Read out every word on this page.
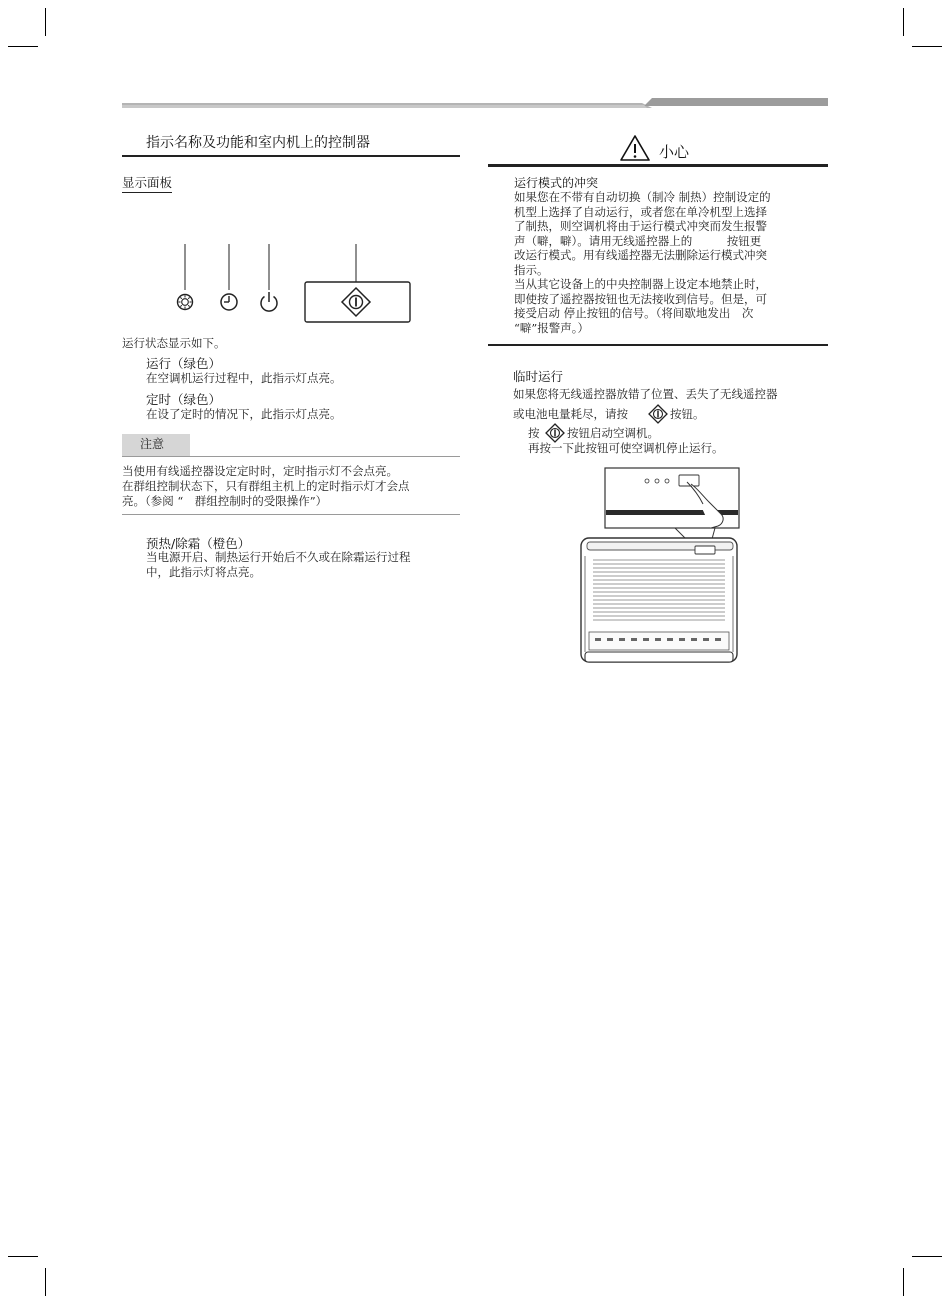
指示名称及功能和室内机上的控制器
显示面板
运行状态显示如下。
运行（绿色）
在空调机运行过程中，此指示灯点亮。
定时（绿色）
在设了定时的情况下，此指示灯点亮。
注意
当使用有线遥控器设定定时时，定时指示灯不会点亮。
在群组控制状态下，只有群组主机上的定时指示灯才会点
亮。（参阅 “　群组控制时的受限操作”）
预热/除霜（橙色）
当电源开启、制热运行开始后不久或在除霜运行过程
中，此指示灯将点亮。
小心
运行模式的冲突
如果您在不带有自动切换（制冷 制热）控制设定的
机型上选择了自动运行，或者您在单冷机型上选择
了制热，则空调机将由于运行模式冲突而发生报警
声（噼，噼）。请用无线遥控器上的　　　按钮更
改运行模式。用有线遥控器无法删除运行模式冲突
指示。
当从其它设备上的中央控制器上设定本地禁止时，
即使按了遥控器按钮也无法接收到信号。但是，可
接受启动 停止按钮的信号。（将间歇地发出　次
“噼”报警声。）
临时运行
如果您将无线遥控器放错了位置、丢失了无线遥控器
或电池电量耗尽，请按	按钮。
按 按钮启动空调机。
再按一下此按钮可使空调机停止运行。
